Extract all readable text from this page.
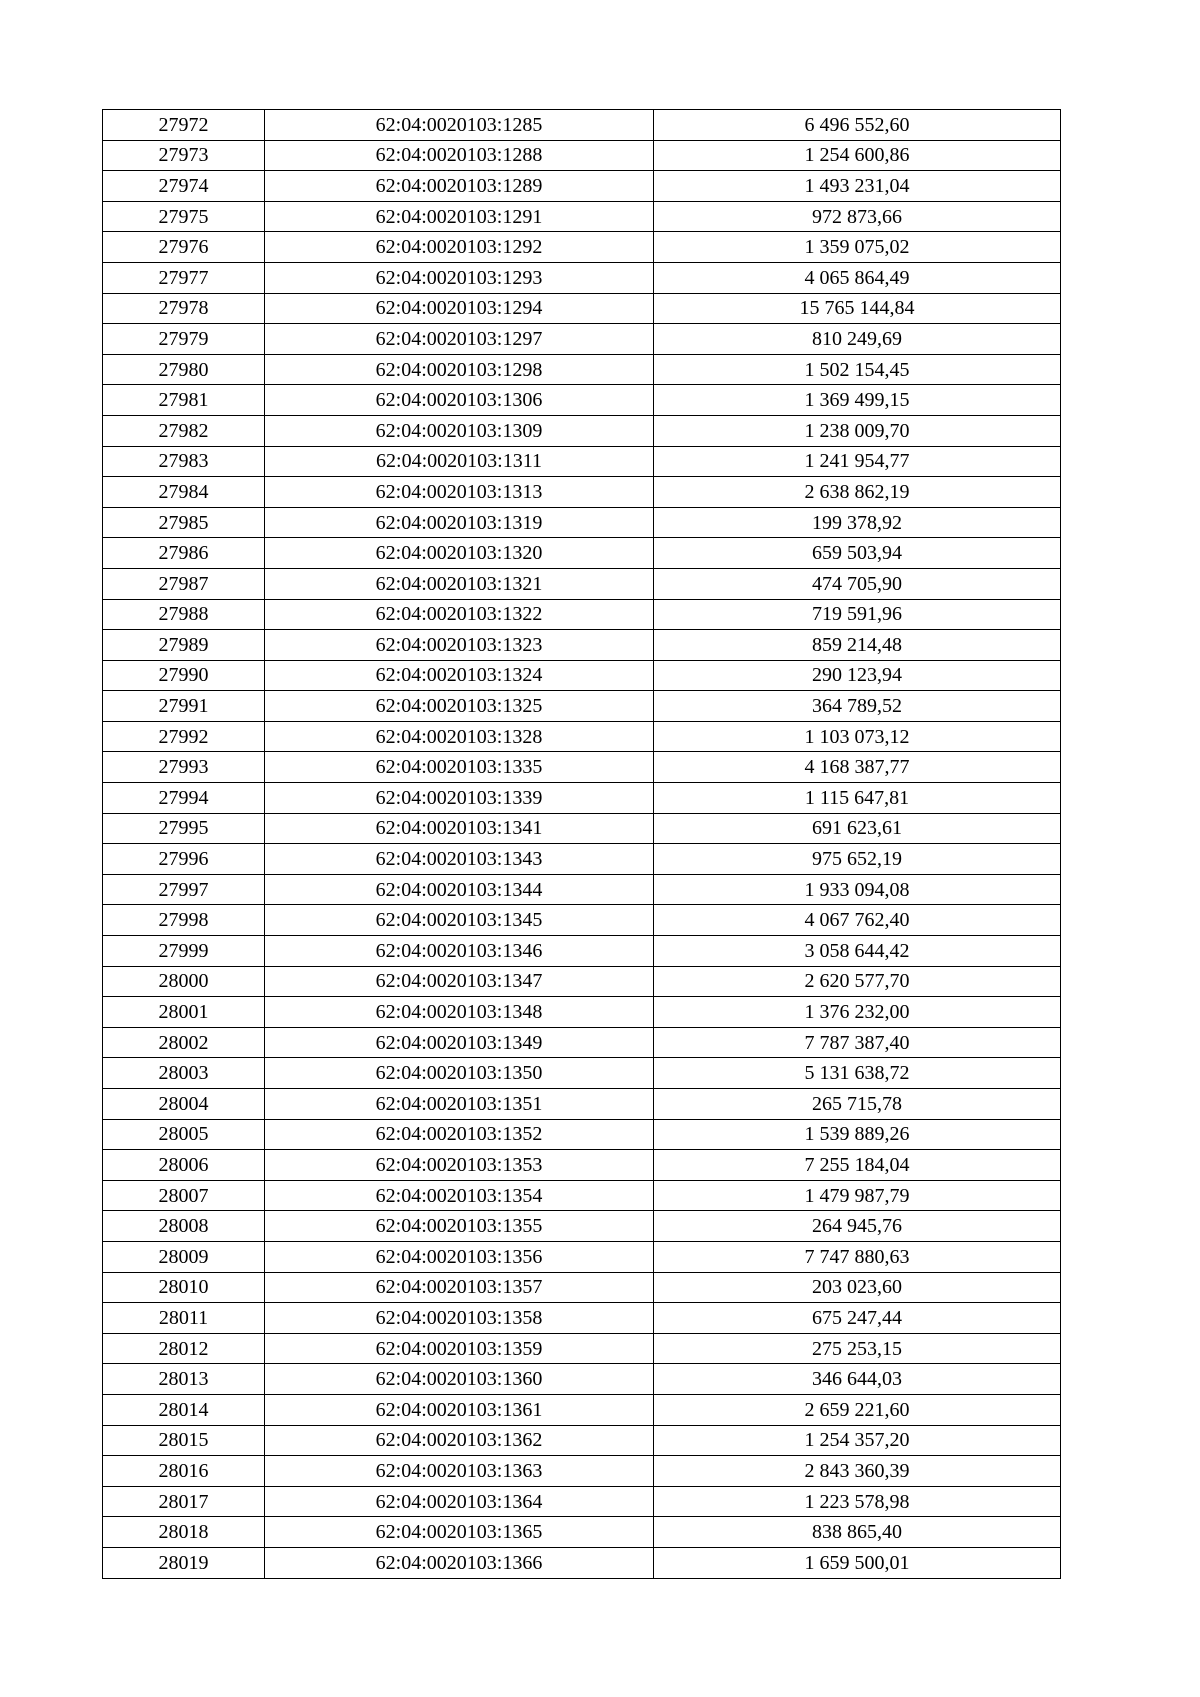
27972	62:04:0020103:1285	6 496 552,60
27973	62:04:0020103:1288	1 254 600,86
27974	62:04:0020103:1289	1 493 231,04
27975	62:04:0020103:1291	972 873,66
27976	62:04:0020103:1292	1 359 075,02
27977	62:04:0020103:1293	4 065 864,49
27978	62:04:0020103:1294	15 765 144,84
27979	62:04:0020103:1297	810 249,69
27980	62:04:0020103:1298	1 502 154,45
27981	62:04:0020103:1306	1 369 499,15
27982	62:04:0020103:1309	1 238 009,70
27983	62:04:0020103:1311	1 241 954,77
27984	62:04:0020103:1313	2 638 862,19
27985	62:04:0020103:1319	199 378,92
27986	62:04:0020103:1320	659 503,94
27987	62:04:0020103:1321	474 705,90
27988	62:04:0020103:1322	719 591,96
27989	62:04:0020103:1323	859 214,48
27990	62:04:0020103:1324	290 123,94
27991	62:04:0020103:1325	364 789,52
27992	62:04:0020103:1328	1 103 073,12
27993	62:04:0020103:1335	4 168 387,77
27994	62:04:0020103:1339	1 115 647,81
27995	62:04:0020103:1341	691 623,61
27996	62:04:0020103:1343	975 652,19
27997	62:04:0020103:1344	1 933 094,08
27998	62:04:0020103:1345	4 067 762,40
27999	62:04:0020103:1346	3 058 644,42
28000	62:04:0020103:1347	2 620 577,70
28001	62:04:0020103:1348	1 376 232,00
28002	62:04:0020103:1349	7 787 387,40
28003	62:04:0020103:1350	5 131 638,72
28004	62:04:0020103:1351	265 715,78
28005	62:04:0020103:1352	1 539 889,26
28006	62:04:0020103:1353	7 255 184,04
28007	62:04:0020103:1354	1 479 987,79
28008	62:04:0020103:1355	264 945,76
28009	62:04:0020103:1356	7 747 880,63
28010	62:04:0020103:1357	203 023,60
28011	62:04:0020103:1358	675 247,44
28012	62:04:0020103:1359	275 253,15
28013	62:04:0020103:1360	346 644,03
28014	62:04:0020103:1361	2 659 221,60
28015	62:04:0020103:1362	1 254 357,20
28016	62:04:0020103:1363	2 843 360,39
28017	62:04:0020103:1364	1 223 578,98
28018	62:04:0020103:1365	838 865,40
28019	62:04:0020103:1366	1 659 500,01
